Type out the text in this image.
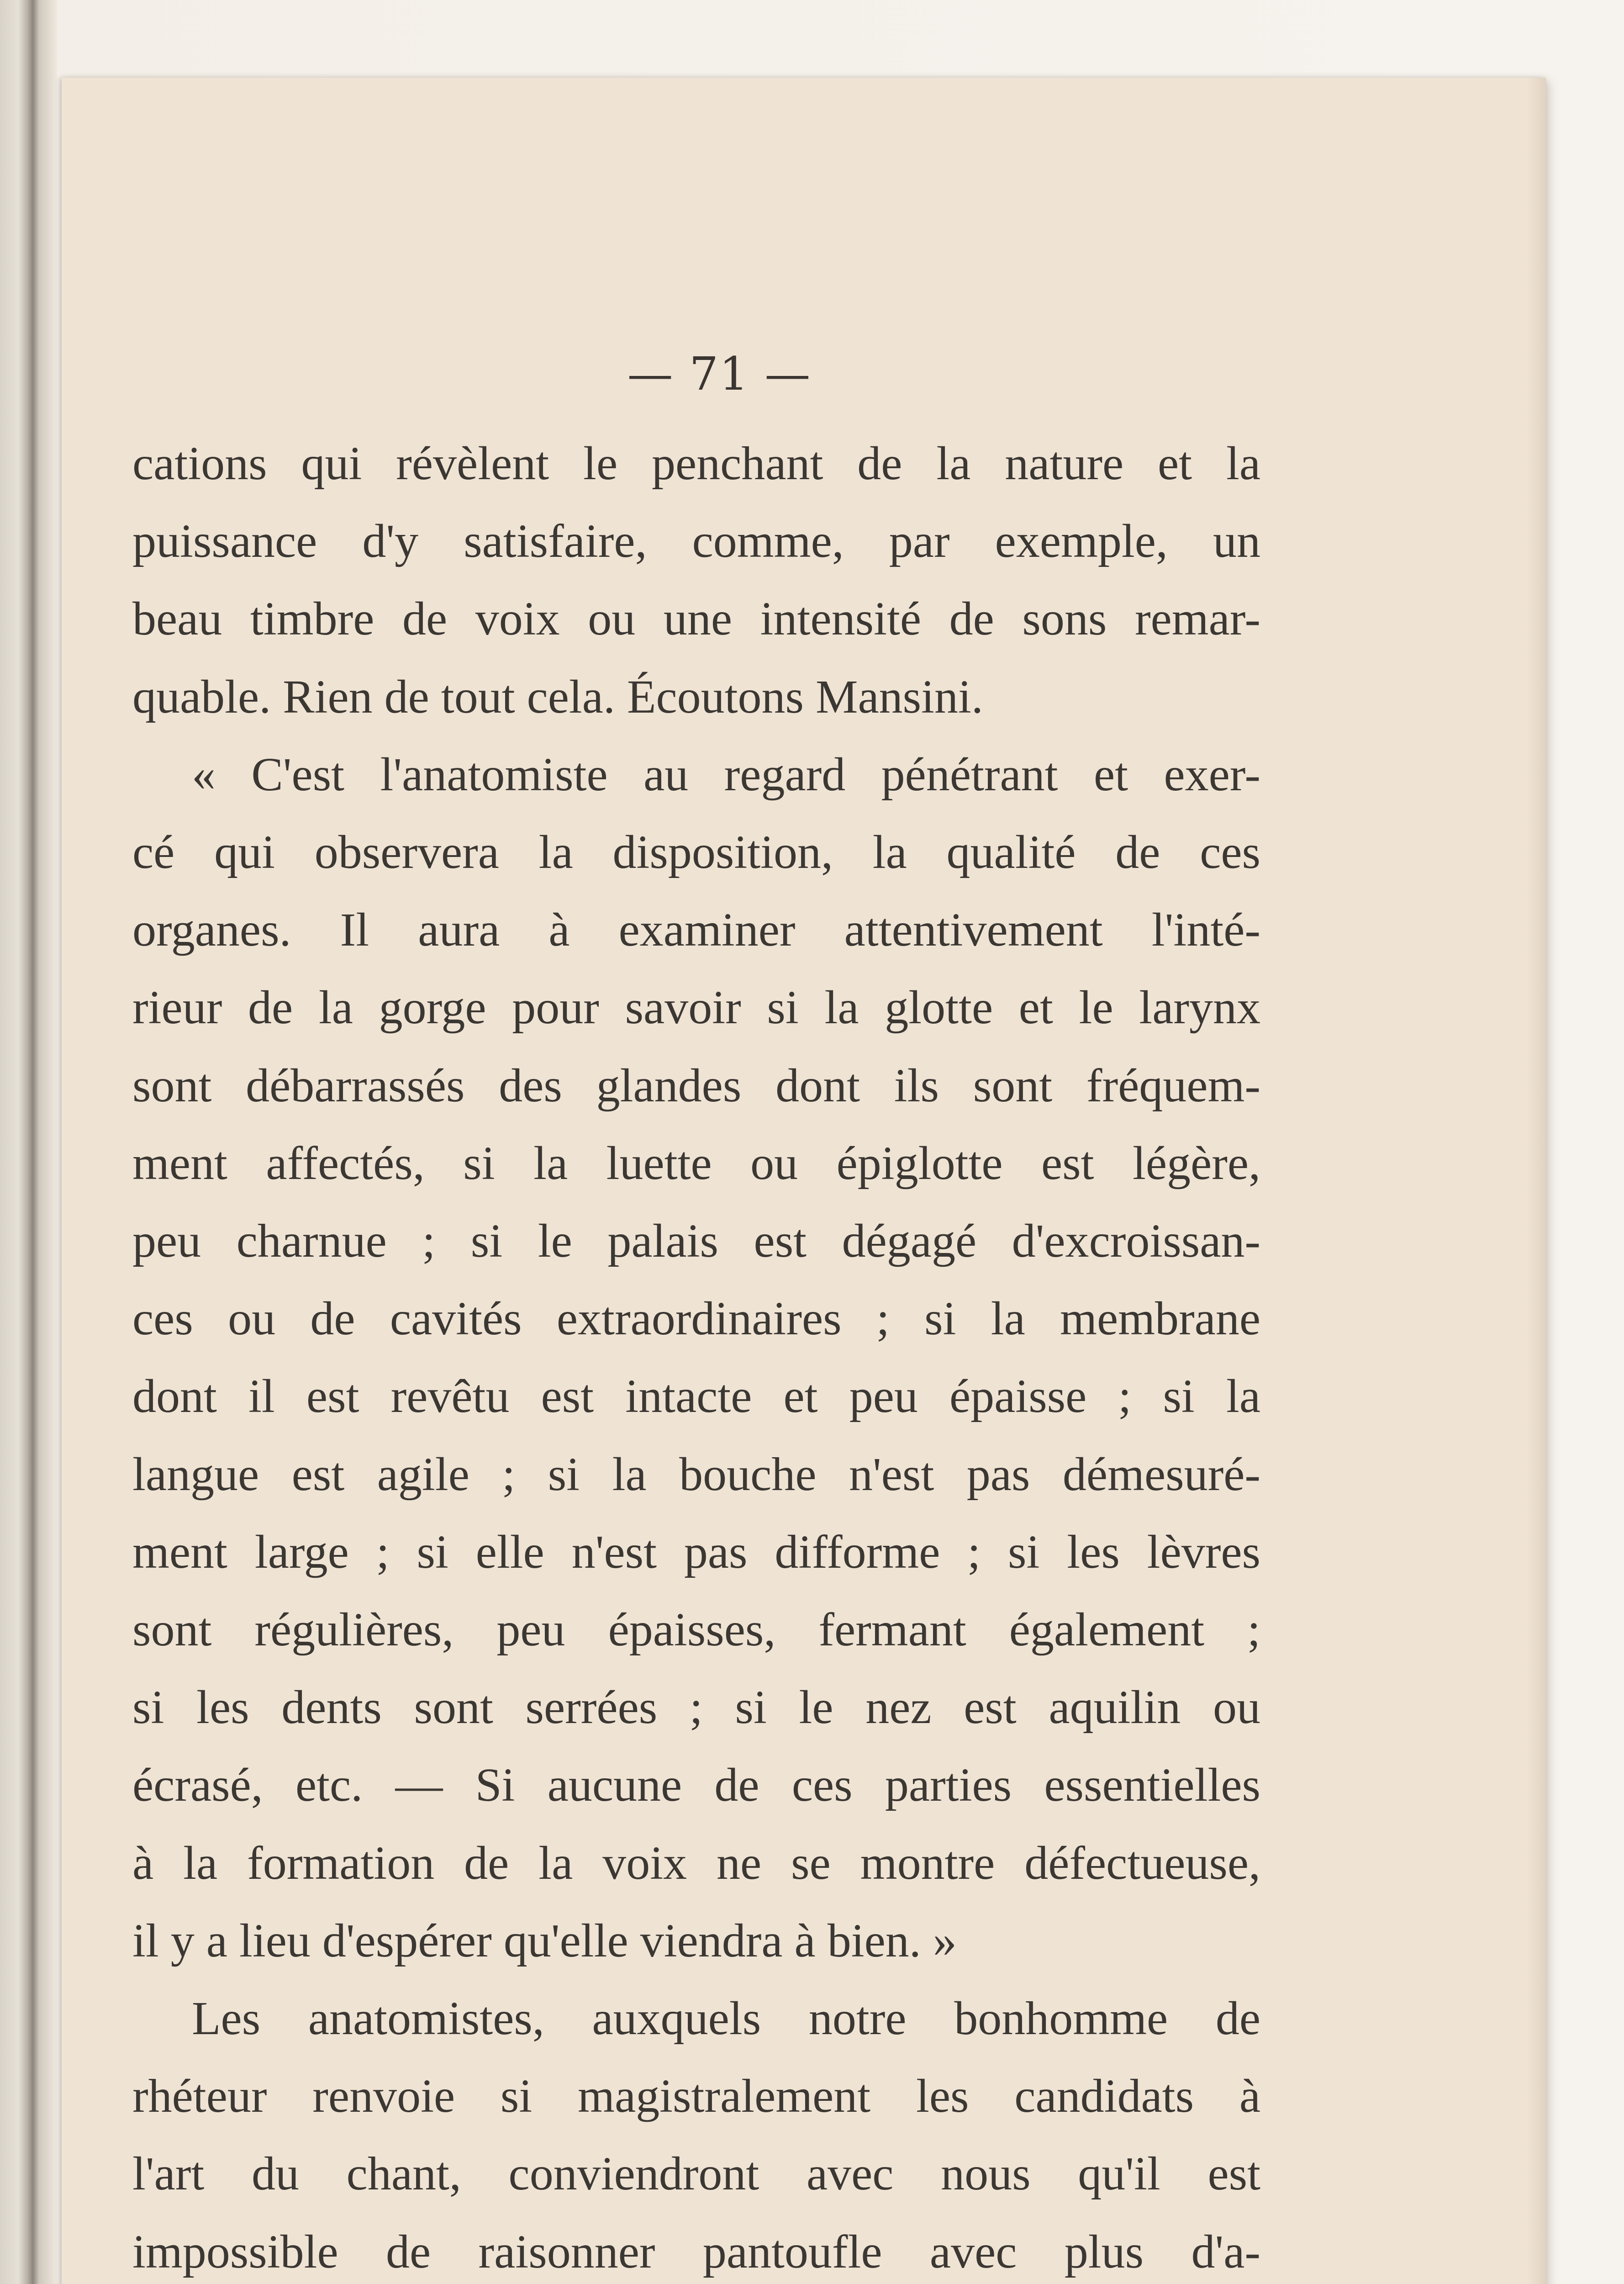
— 71 —
cations qui révèlent le penchant de la nature et la
puissance d'y satisfaire, comme, par exemple, un
beau timbre de voix ou une intensité de sons remar-
quable. Rien de tout cela. Écoutons Mansini.
« C'est l'anatomiste au regard pénétrant et exer-
cé qui observera la disposition, la qualité de ces
organes. Il aura à examiner attentivement l'inté-
rieur de la gorge pour savoir si la glotte et le larynx
sont débarrassés des glandes dont ils sont fréquem-
ment affectés, si la luette ou épiglotte est légère,
peu charnue ; si le palais est dégagé d'excroissan-
ces ou de cavités extraordinaires ; si la membrane
dont il est revêtu est intacte et peu épaisse ; si la
langue est agile ; si la bouche n'est pas démesuré-
ment large ; si elle n'est pas difforme ; si les lèvres
sont régulières, peu épaisses, fermant également ;
si les dents sont serrées ; si le nez est aquilin ou
écrasé, etc. — Si aucune de ces parties essentielles
à la formation de la voix ne se montre défectueuse,
il y a lieu d'espérer qu'elle viendra à bien. »
Les anatomistes, auxquels notre bonhomme de
rhéteur renvoie si magistralement les candidats à
l'art du chant, conviendront avec nous qu'il est
impossible de raisonner pantoufle avec plus d'a-
